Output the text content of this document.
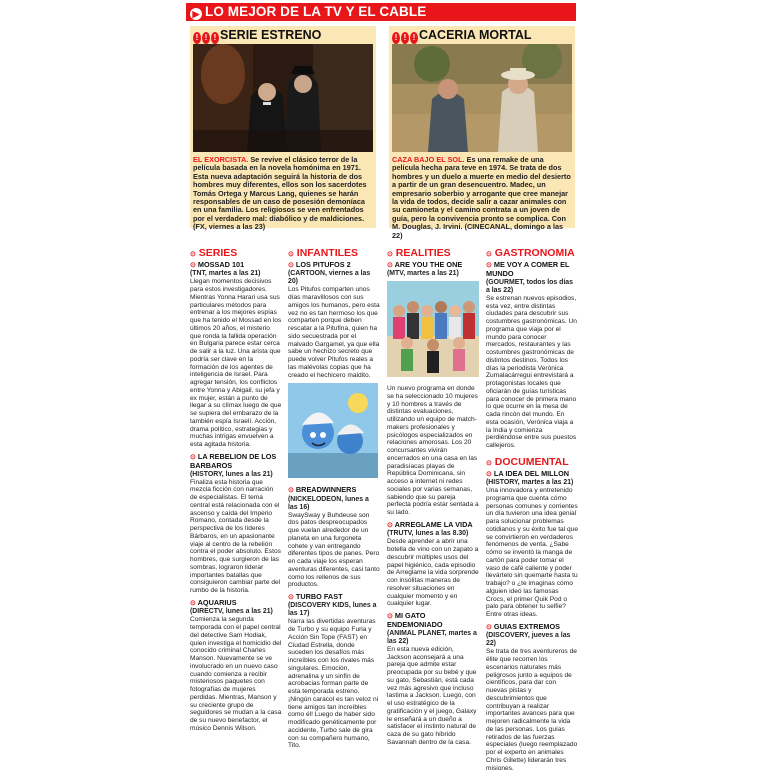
▶ LO MEJOR DE LA TV Y EL CABLE
! ! ! SERIE ESTRENO
EL EXORCISTA. Se revive el clásico terror de la película basada en la novela homónima en 1971. Esta nueva adaptación seguirá la historia de dos hombres muy diferentes, ellos son los sacerdotes Tomás Ortega y Marcus Lang, quienes se harán responsables de un caso de posesión demoníaca en una familia. Los religiosos se ven enfrentados por el verdadero mal: diabólico y de maldiciones. (FX, viernes a las 23)
! ! ! CACERIA MORTAL
CAZA BAJO EL SOL. Es una remake de una película hecha para teve en 1974. Se trata de dos hombres y un duelo a muerte en medio del desierto a partir de un gran desencuentro. Madec, un empresario soberbio y arrogante que cree manejar la vida de todos, decide salir a cazar animales con su camioneta y el camino contrata a un joven de guía, pero la convivencia pronto se complica. Con M. Douglas, J. Irvini. (CINECANAL, domingo a las 22)
⊙ SERIES
⊙ MOSSAD 101
(TNT, martes a las 21)
Llegan momentos decisivos para estos investigadores. Mientras Yonna Harari usa sus particulares métodos para entrenar a los mejores espías que ha tenido el Mossad en los últimos 20 años, el misterio que ronda la fallida operación en Bulgaria parece estar cerca de salir a la luz. Una arista que podría ser clave en la formación de los agentes de inteligencia de Israel. Para agregar tensión, los conflictos entre Yonna y Abigail, su jefa y ex mujer, están a punto de llegar a su clímax luego de que se supiera del embarazo de la también espía Israelí. Acción, drama político, estrategias y muchas intrigas envuelven a esta agitada historia.
⊙ LA REBELION DE LOS BARBAROS
(HISTORY, lunes a las 21)
Finaliza esta historia que mezcla ficción con narración de especialistas. El tema central está relacionada con el ascenso y caída del Imperio Romano, contada desde la perspectiva de los líderes Bárbaros, en un apasionante viaje al centro de la rebelión contra el poder absoluto. Estos hombres, que surgieron de las sombras, lograron liderar importantes batallas que consiguieron cambiar parte del rumbo de la historia.
⊙ AQUARIUS
(DIRECTV, lunes a las 21)
Comienza la segunda temporada con el papel central del detective Sam Hodiak, quien investiga el homicidio del conocido criminal Charles Manson. Nuevamente se ve involucrado en un nuevo caso cuando comienza a recibir misteriosos paquetes con fotografías de mujeres perdidas. Mientras, Manson y su creciente grupo de seguidores se mudan a la casa de su nuevo benefactor, el músico Dennis Wilson.
⊙ INFANTILES
⊙ LOS PITUFOS 2
(CARTOON, viernes a las 20)
Los Pitufos comparten unos días maravillosos con sus amigos los humanos, pero esta vez no es tan hermoso los que comparten porque deben rescatar a la Pitufina, quien ha sido secuestrada por el malvado Gargamel, ya que ella sabe un hechizo secreto que puede volver Pitufos reales a las malévolas copias que ha creado el hechicero maldito.
⊙ BREADWINNERS
(NICKELODEON, lunes a las 16)
SwaySway y Buhdeuse son dos patos despreocupados que vuelan alrededor de un planeta en una furgoneta cohete y van entregando diferentes tipos de panes. Pero en cada viaje los esperan aventuras diferentes, casi tanto como los rellenos de sus productos.
⊙ TURBO FAST
(DISCOVERY KIDS, lunes a las 17)
Narra las divertidas aventuras de Turbo y su equipo Furia y Acción Sin Tope (FAST) en Ciudad Estrella, donde suceden los desafíos más increíbles con los rivales más singulares. Emoción, adrenalina y un sinfín de acrobacias forman parte de esta temporada estreno. ¡Ningún caracol es tan veloz ni tiene amigos tan increíbles como él! Luego de haber sido modificado genéticamente por accidente, Turbo sale de gira con su compañero humano, Tito.
⊙ REALITIES
⊙ ARE YOU THE ONE
(MTV, martes a las 21)
Un nuevo programa en donde se ha seleccionado 10 mujeres y 10 hombres a través de distintas evaluaciones, utilizando un equipo de match-makers profesionales y psicólogos especializados en relaciones amorosas. Los 20 concursantes vivirán encerrados en una casa en las paradisíacas playas de República Dominicana, sin acceso a internet ni redes sociales por varias semanas, sabiendo que su pareja perfecta podría estar sentada a su lado.
⊙ ARREGLAME LA VIDA
(TRUTV, lunes a las 8.30)
Desde aprender a abrir una botella de vino con un zapato a descubrir múltiples usos del papel higiénico, cada episodio de Arreglame la vida sorprende con insólitas maneras de resolver situaciones en cualquier momento y en cualquier lugar.
⊙ MI GATO ENDEMONIADO
(ANIMAL PLANET, martes a las 22)
En esta nueva edición, Jackson aconsejará a una pareja que admite estar preocupada por su bebé y que su gato, Sebastián, está cada vez más agresivo que incluso lastima a Jackson. Luego, con el uso estratégico de la gratificación y el juego, Galaxy le enseñará a un dueño a satisfacer el instinto natural de caza de su gato híbrido Savannah dentro de la casa.
⊙ GASTRONOMIA
⊙ ME VOY A COMER EL MUNDO
(GOURMET, todos los días a las 22)
Se estrenan nuevos episodios, esta vez, entre distintas ciudades para descubrir sus costumbres gastronómicas. Un programa que viaja por el mundo para conocer mercados, restaurantes y las costumbres gastronómicas de distintos destinos. Todos los días la periodista Verónica Zumalacárregui entrevistará a protagonistas locales que oficiarán de guías turísticas para conocer de primera mano lo que ocurre en la mesa de cada rincón del mundo. En esta ocasión, Verónica viaja a la India y comienza perdiéndose entre sus puestos callejeros.
⊙ DOCUMENTAL
⊙ LA IDEA DEL MILLON
(HISTORY, martes a las 21)
Una innovadora y entretenido programa que cuenta cómo personas comunes y corrientes un día tuvieron una idea genial para solucionar problemas cotidianos y su éxito fue tal que se convirtieron en verdaderos fenómenos de venta. ¿Sabe cómo se inventó la manga de cartón para poder tomar el vaso de café caliente y poder llevártelo sin quemarte hasta tu trabajo? o ¿te imaginas cómo alguien ideó las famosas Crocs, el primer Quik Pod o palo para obtener tu selfie? Entre otras ideas.
⊙ GUIAS EXTREMOS
(DISCOVERY, jueves a las 22)
Se trata de tres aventureros de élite que recorren los escenarios naturales más peligrosos junto a equipos de científicos, para dar con nuevas pistas y descubrimientos que contribuyan a realizar importantes avances para que mejoren radicalmente la vida de las personas. Los guías retirados de las fuerzas especiales (luego reemplazado por el experto en animales Chris Gillette) liderarán tres misiones.
